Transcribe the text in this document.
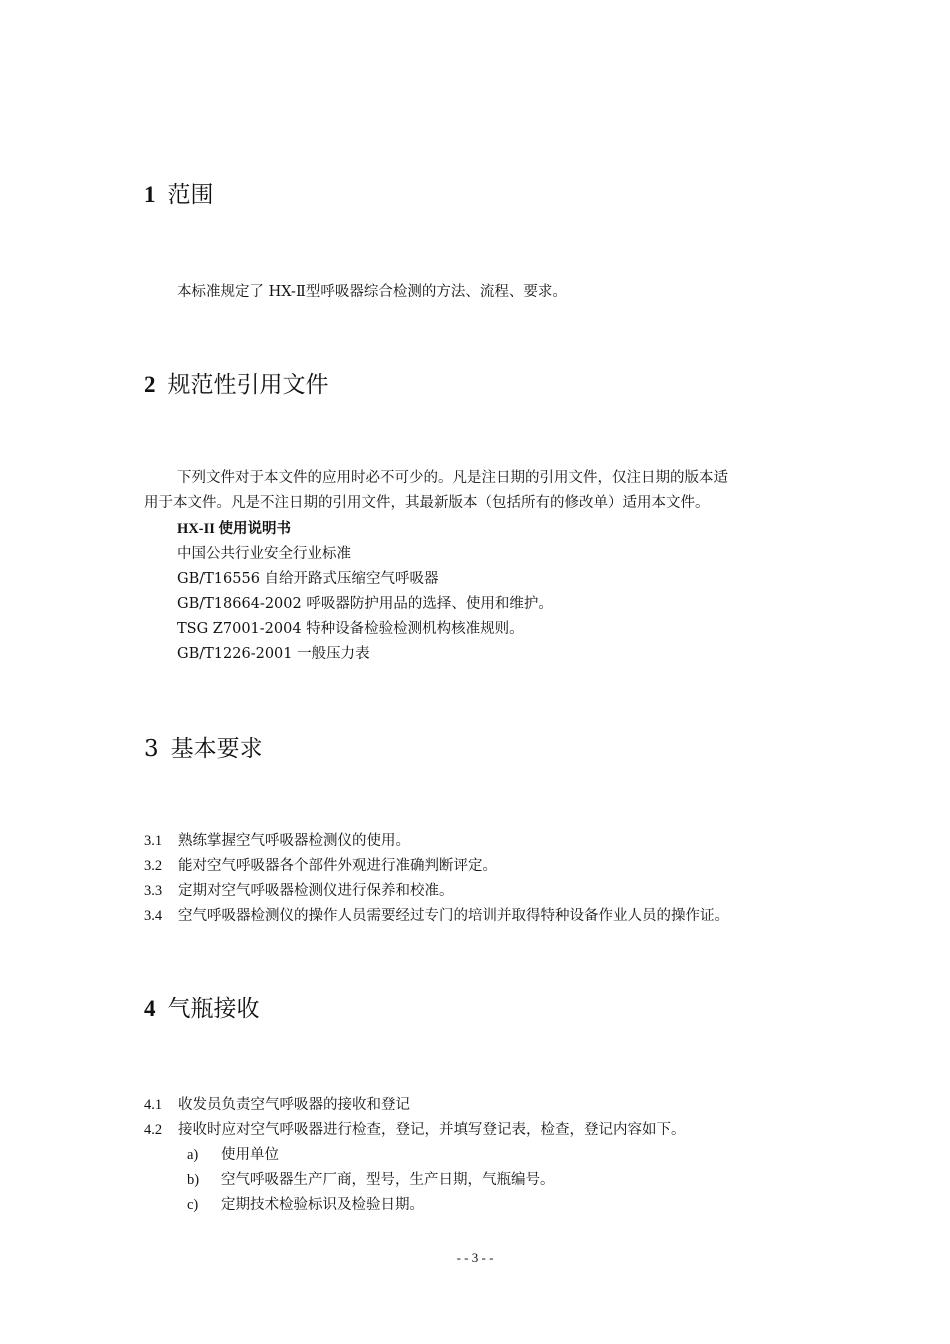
1 范围
本标准规定了 HX-Ⅱ型呼吸器综合检测的方法、流程、要求。
2 规范性引用文件
下列文件对于本文件的应用时必不可少的。凡是注日期的引用文件，仅注日期的版本适
用于本文件。凡是不注日期的引用文件，其最新版本（包括所有的修改单）适用本文件。
HX-II 使用说明书
中国公共行业安全行业标准
GB/T16556 自给开路式压缩空气呼吸器
GB/T18664-2002 呼吸器防护用品的选择、使用和维护。
TSG Z7001-2004 特种设备检验检测机构核准规则。
GB/T1226-2001 一般压力表
3 基本要求
3.1 熟练掌握空气呼吸器检测仪的使用。
3.2 能对空气呼吸器各个部件外观进行准确判断评定。
3.3 定期对空气呼吸器检测仪进行保养和校准。
3.4 空气呼吸器检测仪的操作人员需要经过专门的培训并取得特种设备作业人员的操作证。
4 气瓶接收
4.1 收发员负责空气呼吸器的接收和登记
4.2 接收时应对空气呼吸器进行检查，登记，并填写登记表，检查，登记内容如下。
a) 使用单位
b) 空气呼吸器生产厂商，型号，生产日期，气瓶编号。
c) 定期技术检验标识及检验日期。
- - 3 - -
